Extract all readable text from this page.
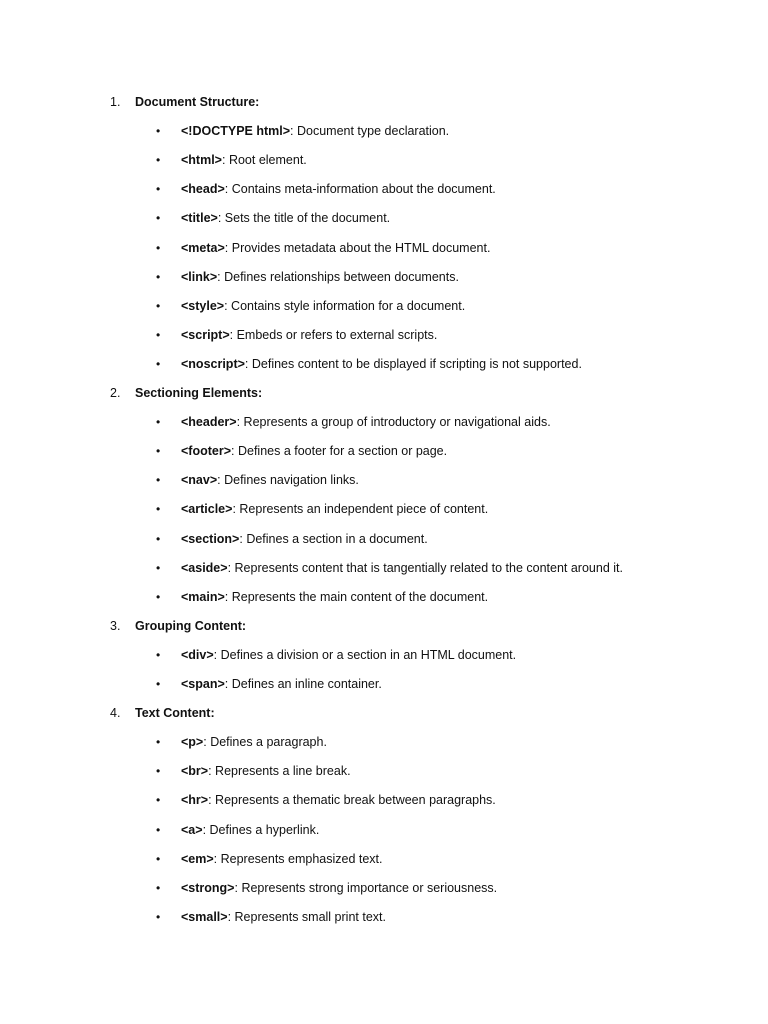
1. Document Structure:
• <!DOCTYPE html>: Document type declaration.
• <html>: Root element.
• <head>: Contains meta-information about the document.
• <title>: Sets the title of the document.
• <meta>: Provides metadata about the HTML document.
• <link>: Defines relationships between documents.
• <style>: Contains style information for a document.
• <script>: Embeds or refers to external scripts.
• <noscript>: Defines content to be displayed if scripting is not supported.
2. Sectioning Elements:
• <header>: Represents a group of introductory or navigational aids.
• <footer>: Defines a footer for a section or page.
• <nav>: Defines navigation links.
• <article>: Represents an independent piece of content.
• <section>: Defines a section in a document.
• <aside>: Represents content that is tangentially related to the content around it.
• <main>: Represents the main content of the document.
3. Grouping Content:
• <div>: Defines a division or a section in an HTML document.
• <span>: Defines an inline container.
4. Text Content:
• <p>: Defines a paragraph.
• <br>: Represents a line break.
• <hr>: Represents a thematic break between paragraphs.
• <a>: Defines a hyperlink.
• <em>: Represents emphasized text.
• <strong>: Represents strong importance or seriousness.
• <small>: Represents small print text.
